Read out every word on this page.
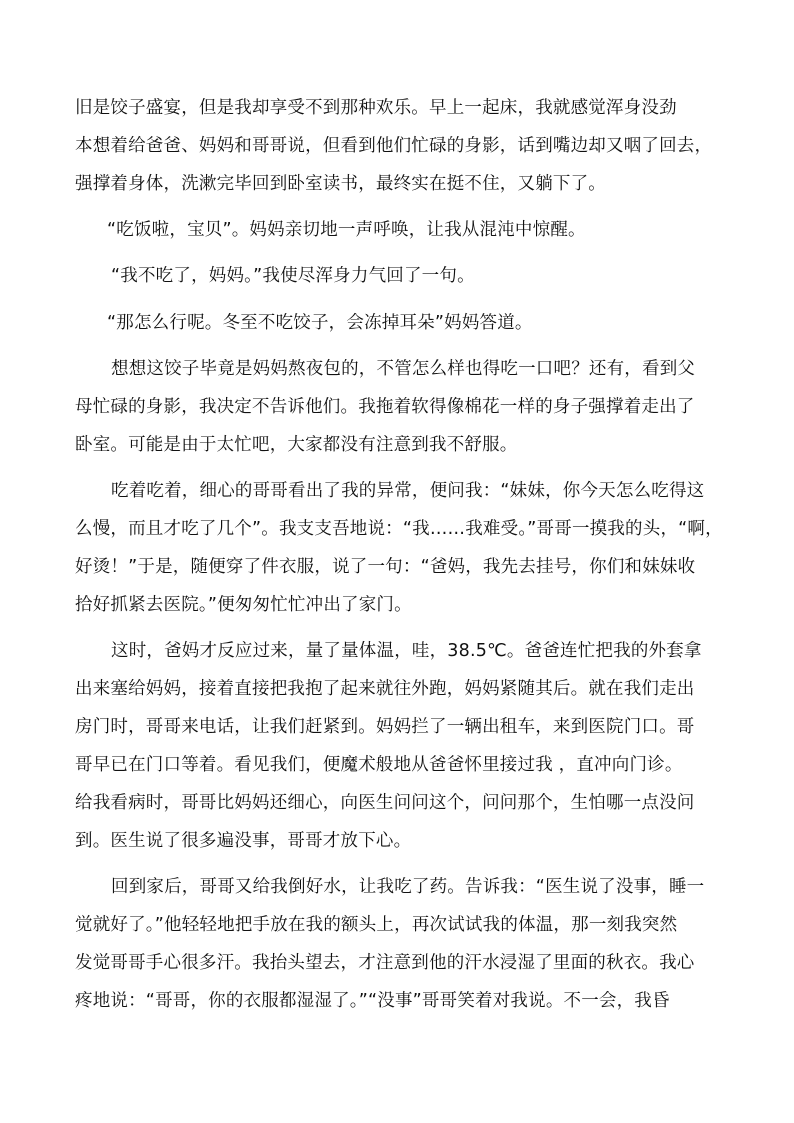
旧是饺子盛宴，但是我却享受不到那种欢乐。早上一起床，我就感觉浑身没劲
本想着给爸爸、妈妈和哥哥说，但看到他们忙碌的身影，话到嘴边却又咽了回去，
强撑着身体，洗漱完毕回到卧室读书，最终实在挺不住，又躺下了。
“吃饭啦，宝贝”。妈妈亲切地一声呼唤，让我从混沌中惊醒。
“我不吃了，妈妈。”我使尽浑身力气回了一句。
“那怎么行呢。冬至不吃饺子，会冻掉耳朵”妈妈答道。
想想这饺子毕竟是妈妈熬夜包的，不管怎么样也得吃一口吧？还有，看到父
母忙碌的身影，我决定不告诉他们。我拖着软得像棉花一样的身子强撑着走出了
卧室。可能是由于太忙吧，大家都没有注意到我不舒服。
吃着吃着，细心的哥哥看出了我的异常，便问我：“妹妹，你今天怎么吃得这
么慢，而且才吃了几个”。我支支吾地说：“我……我难受。”哥哥一摸我的头，“啊，
好烫！”于是，随便穿了件衣服，说了一句：“爸妈，我先去挂号，你们和妹妹收
拾好抓紧去医院。”便匆匆忙忙冲出了家门。
这时，爸妈才反应过来，量了量体温，哇，38.5℃。爸爸连忙把我的外套拿
出来塞给妈妈，接着直接把我抱了起来就往外跑，妈妈紧随其后。就在我们走出
房门时，哥哥来电话，让我们赶紧到。妈妈拦了一辆出租车，来到医院门口。哥
哥早已在门口等着。看见我们，便魔术般地从爸爸怀里接过我 ，直冲向门诊。
给我看病时，哥哥比妈妈还细心，向医生问问这个，问问那个，生怕哪一点没问
到。医生说了很多遍没事，哥哥才放下心。
回到家后，哥哥又给我倒好水，让我吃了药。告诉我：“医生说了没事，睡一
觉就好了。”他轻轻地把手放在我的额头上，再次试试我的体温，那一刻我突然
发觉哥哥手心很多汗。我抬头望去，才注意到他的汗水浸湿了里面的秋衣。我心
疼地说：“哥哥，你的衣服都湿湿了。”“没事”哥哥笑着对我说。不一会，我昏
